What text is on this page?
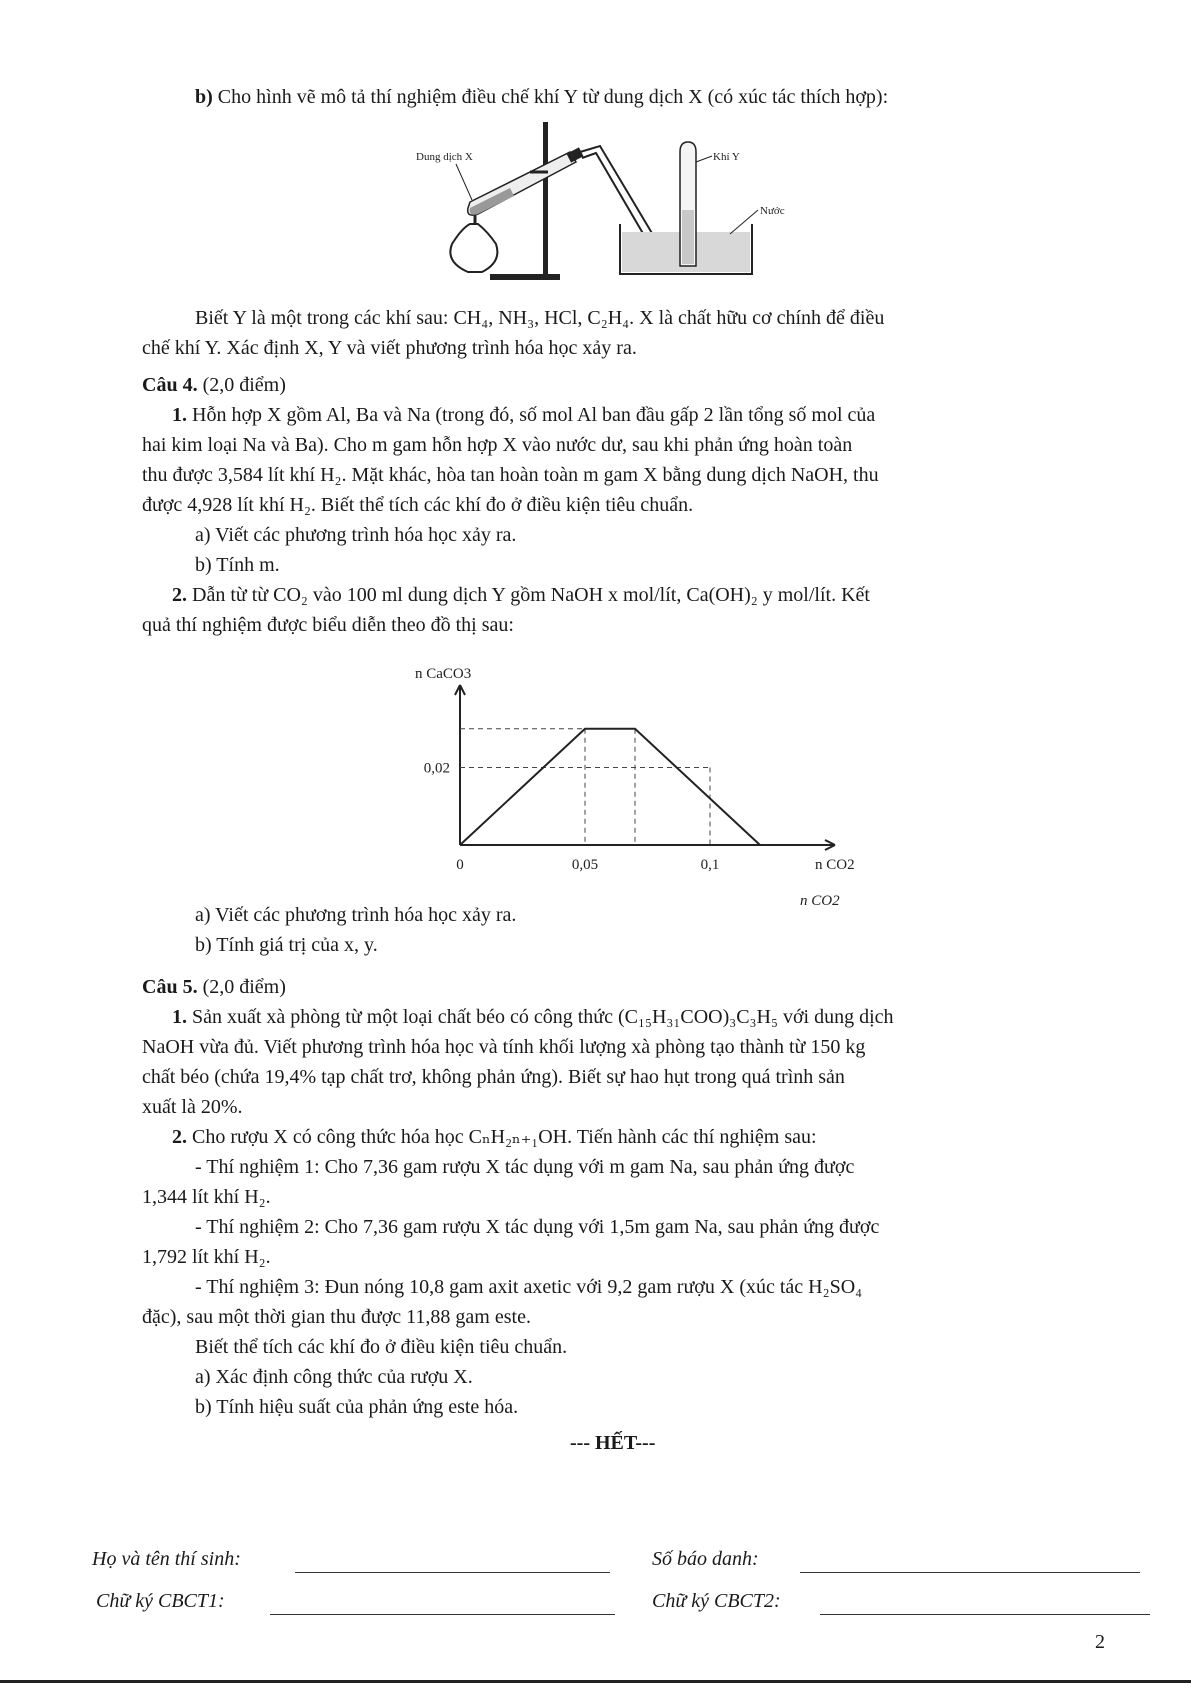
b) Cho hình vẽ mô tả thí nghiệm điều chế khí Y từ dung dịch X (có xúc tác thích hợp):

Dung dịch X	Khí Y
Nước

Biết Y là một trong các khí sau: CH₄, NH₃, HCl, C₂H₄. X là chất hữu cơ chính để điều

chế khí Y. Xác định X, Y và viết phương trình hóa học xảy ra.

Câu 4. (2,0 điểm)

1. Hỗn hợp X gồm Al, Ba và Na (trong đó, số mol Al ban đầu gấp 2 lần tổng số mol của

hai kim loại Na và Ba). Cho m gam hỗn hợp X vào nước dư, sau khi phản ứng hoàn toàn

thu được 3,584 lít khí H₂. Mặt khác, hòa tan hoàn toàn m gam X bằng dung dịch NaOH, thu

được 4,928 lít khí H₂. Biết thể tích các khí đo ở điều kiện tiêu chuẩn.

a) Viết các phương trình hóa học xảy ra.

b) Tính m.

2. Dẫn từ từ CO₂ vào 100 ml dung dịch Y gồm NaOH x mol/lít, Ca(OH)₂ y mol/lít. Kết

quả thí nghiệm được biểu diễn theo đồ thị sau:

0	0,05	0,1
0,02
n CaCO3
n CO2
n CO2

a) Viết các phương trình hóa học xảy ra.

b) Tính giá trị của x, y.

Câu 5. (2,0 điểm)

1. Sản xuất xà phòng từ một loại chất béo có công thức (C₁₅H₃₁COO)₃C₃H₅ với dung dịch

NaOH vừa đủ. Viết phương trình hóa học và tính khối lượng xà phòng tạo thành từ 150 kg

chất béo (chứa 19,4% tạp chất trơ, không phản ứng). Biết sự hao hụt trong quá trình sản

xuất là 20%.

2. Cho rượu X có công thức hóa học CₙH₂ₙ₊₁OH. Tiến hành các thí nghiệm sau:

- Thí nghiệm 1: Cho 7,36 gam rượu X tác dụng với m gam Na, sau phản ứng được

1,344 lít khí H₂.

- Thí nghiệm 2: Cho 7,36 gam rượu X tác dụng với 1,5m gam Na, sau phản ứng được

1,792 lít khí H₂.

- Thí nghiệm 3: Đun nóng 10,8 gam axit axetic với 9,2 gam rượu X (xúc tác H₂SO₄

đặc), sau một thời gian thu được 11,88 gam este.

Biết thể tích các khí đo ở điều kiện tiêu chuẩn.

a) Xác định công thức của rượu X.

b) Tính hiệu suất của phản ứng este hóa.

--- HẾT---

Họ và tên thí sinh:	Số báo danh:
Chữ ký CBCT1:	Chữ ký CBCT2:
2
